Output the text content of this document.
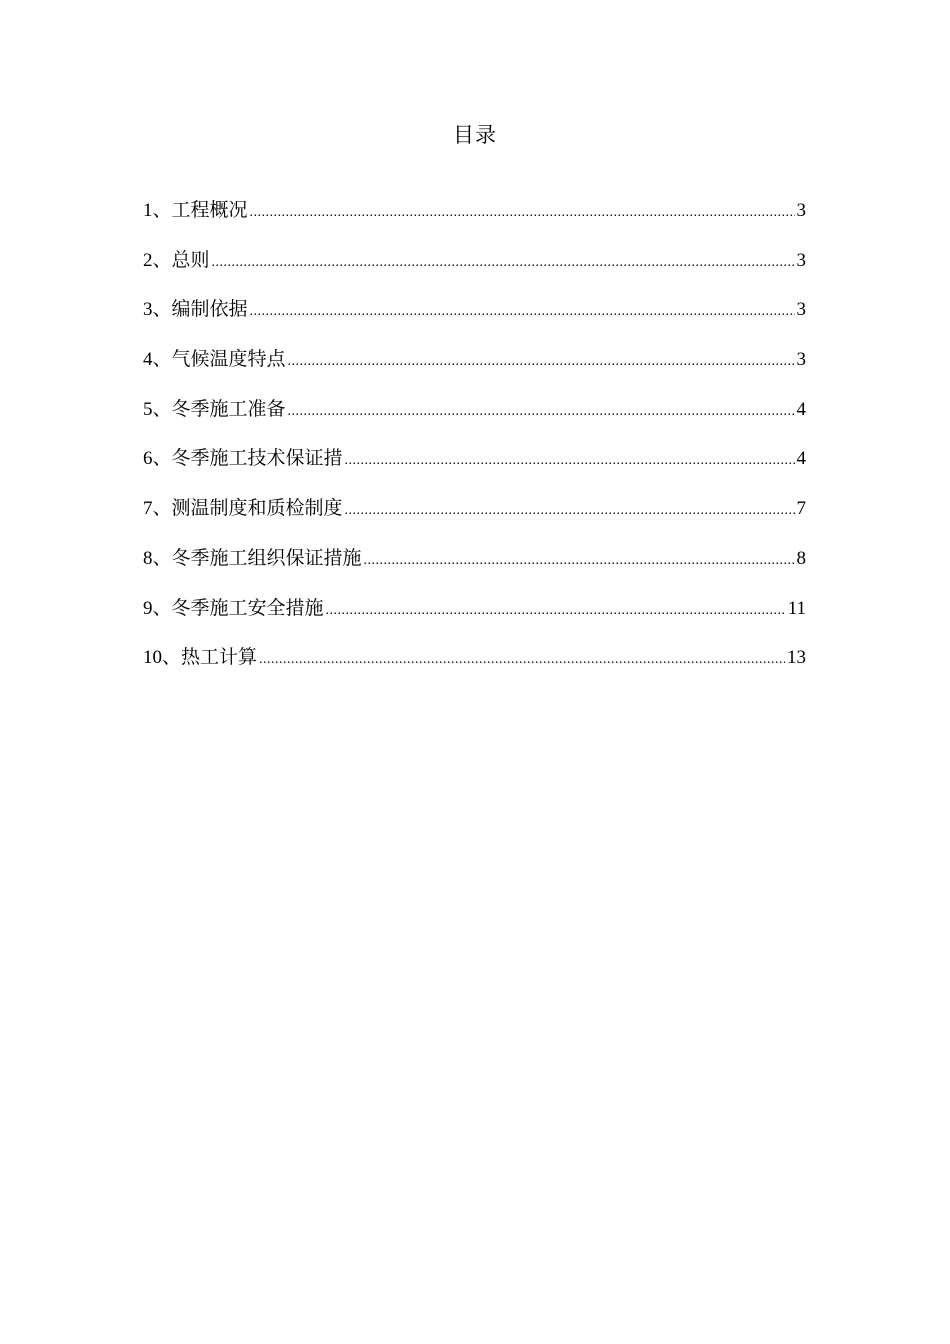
目录
1、工程概况 .....	3
2、总则 .....	3
3、编制依据 .....	3
4、气候温度特点 .....	3
5、冬季施工准备 .....	4
6、冬季施工技术保证措 .....	4
7、测温制度和质检制度 .....	7
8、冬季施工组织保证措施 .....	8
9、冬季施工安全措施 .....	11
10、热工计算 .....	13
